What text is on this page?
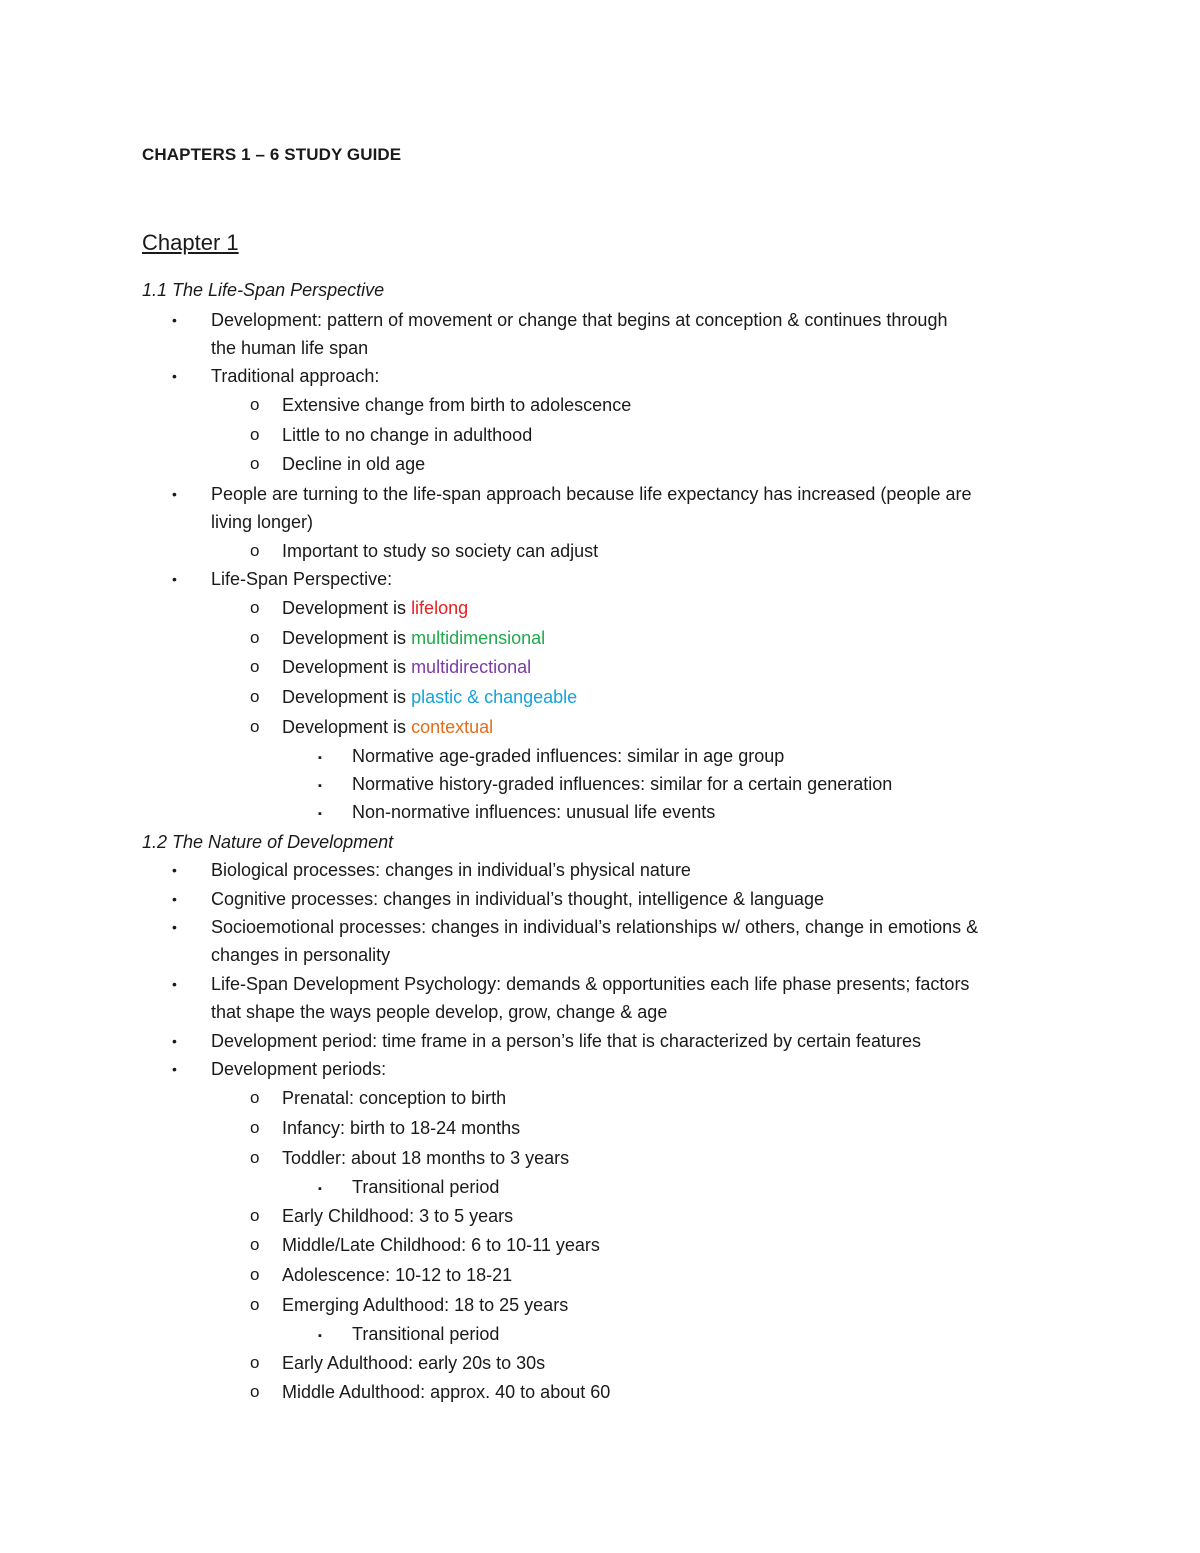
CHAPTERS 1 – 6 STUDY GUIDE
Chapter 1
1.1 The Life-Span Perspective
•	Development: pattern of movement or change that begins at conception & continues through
the human life span
•	Traditional approach:
o Extensive change from birth to adolescence
o Little to no change in adulthood
o Decline in old age
•	People are turning to the life-span approach because life expectancy has increased (people are
living longer)
o Important to study so society can adjust
•	Life-Span Perspective:
o Development is lifelong
o Development is multidimensional
o Development is multidirectional
o Development is plastic & changeable
o Development is contextual
▪ Normative age-graded influences: similar in age group
▪ Normative history-graded influences: similar for a certain generation
▪ Non-normative influences: unusual life events
1.2 The Nature of Development
•	Biological processes: changes in individual’s physical nature
•	Cognitive processes: changes in individual’s thought, intelligence & language
•	Socioemotional processes: changes in individual’s relationships w/ others, change in emotions &
changes in personality
•	Life-Span Development Psychology: demands & opportunities each life phase presents; factors
that shape the ways people develop, grow, change & age
•	Development period: time frame in a person’s life that is characterized by certain features
•	Development periods:
o Prenatal: conception to birth
o Infancy: birth to 18-24 months
o Toddler: about 18 months to 3 years
▪ Transitional period
o Early Childhood: 3 to 5 years
o Middle/Late Childhood: 6 to 10-11 years
o Adolescence: 10-12 to 18-21
o Emerging Adulthood: 18 to 25 years
▪ Transitional period
o Early Adulthood: early 20s to 30s
o Middle Adulthood: approx. 40 to about 60
